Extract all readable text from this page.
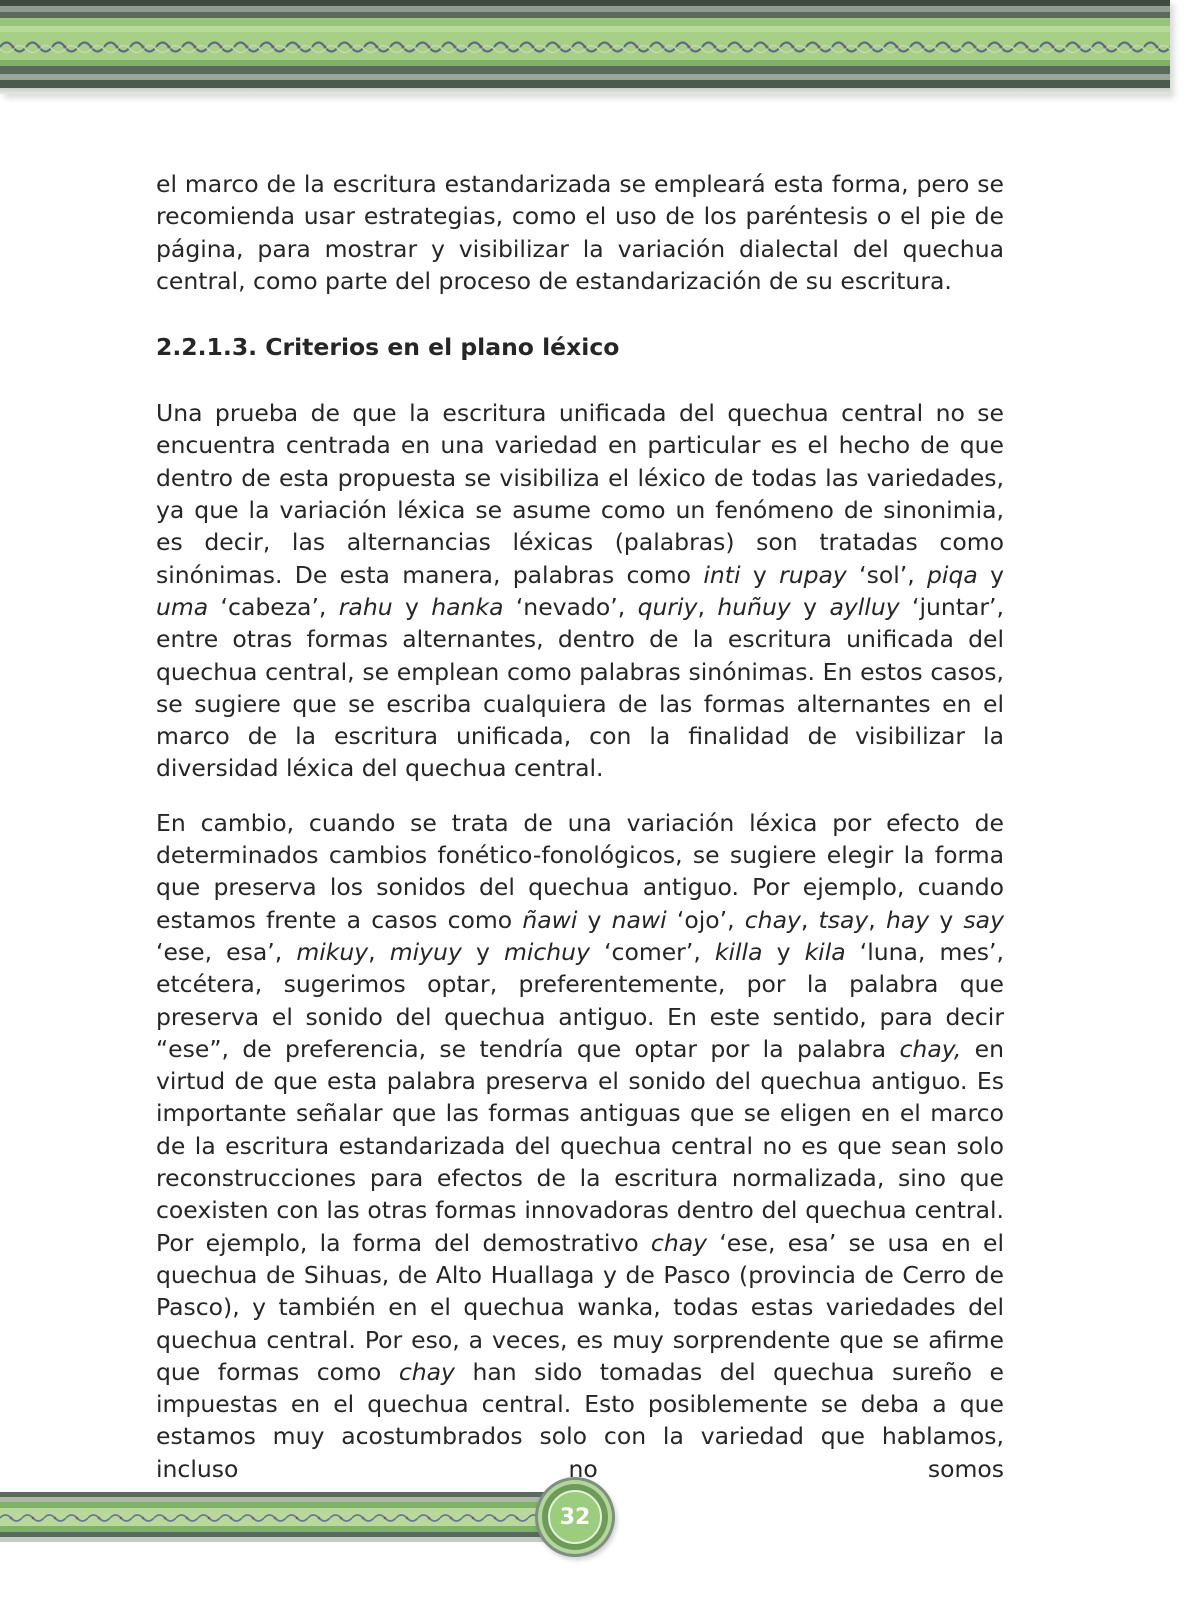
el marco de la escritura estandarizada se empleará esta forma, pero se recomienda usar estrategias, como el uso de los paréntesis o el pie de página, para mostrar y visibilizar la variación dialectal del quechua central, como parte del proceso de estandarización de su escritura.

2.2.1.3. Criterios en el plano léxico

Una prueba de que la escritura unificada del quechua central no se encuentra centrada en una variedad en particular es el hecho de que dentro de esta propuesta se visibiliza el léxico de todas las variedades, ya que la variación léxica se asume como un fenómeno de sinonimia, es decir, las alternancias léxicas (palabras) son tratadas como sinónimas. De esta manera, palabras como inti y rupay ‘sol’, piqa y uma ‘cabeza’, rahu y hanka ‘nevado’, quriy, huñuy y aylluy ‘juntar’, entre otras formas alternantes, dentro de la escritura unificada del quechua central, se emplean como palabras sinónimas. En estos casos, se sugiere que se escriba cualquiera de las formas alternantes en el marco de la escritura unificada, con la finalidad de visibilizar la diversidad léxica del quechua central.

En cambio, cuando se trata de una variación léxica por efecto de determinados cambios fonético-fonológicos, se sugiere elegir la forma que preserva los sonidos del quechua antiguo. Por ejemplo, cuando estamos frente a casos como ñawi y nawi ‘ojo’, chay, tsay, hay y say ‘ese, esa’, mikuy, miyuy y michuy ‘comer’, killa y kila ‘luna, mes’, etcétera, sugerimos optar, preferentemente, por la palabra que preserva el sonido del quechua antiguo. En este sentido, para decir “ese”, de preferencia, se tendría que optar por la palabra chay, en virtud de que esta palabra preserva el sonido del quechua antiguo. Es importante señalar que las formas antiguas que se eligen en el marco de la escritura estandarizada del quechua central no es que sean solo reconstrucciones para efectos de la escritura normalizada, sino que coexisten con las otras formas innovadoras dentro del quechua central. Por ejemplo, la forma del demostrativo chay ‘ese, esa’ se usa en el quechua de Sihuas, de Alto Huallaga y de Pasco (provincia de Cerro de Pasco), y también en el quechua wanka, todas estas variedades del quechua central. Por eso, a veces, es muy sorprendente que se afirme que formas como chay han sido tomadas del quechua sureño e impuestas en el quechua central. Esto posiblemente se deba a que estamos muy acostumbrados solo con la variedad que hablamos, incluso no somos

32
